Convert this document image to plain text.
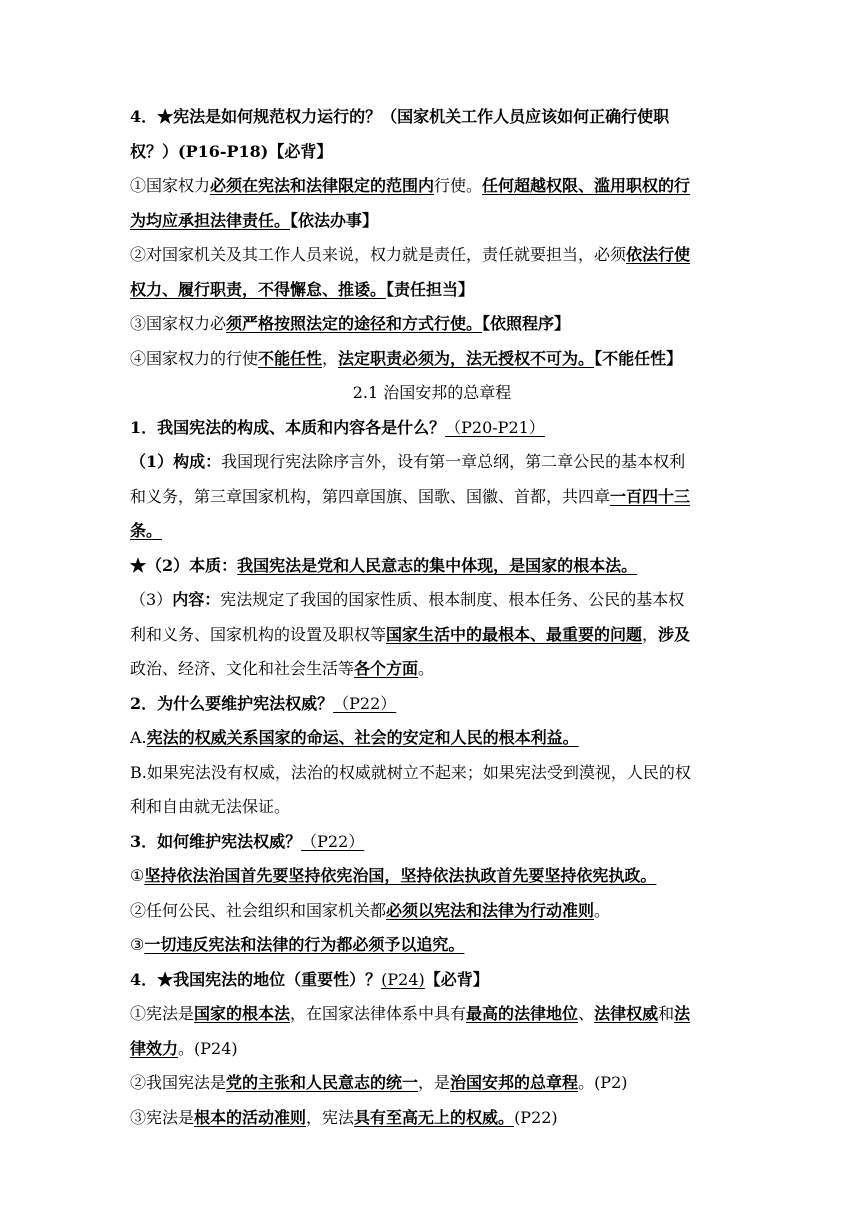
4．★宪法是如何规范权力运行的？（国家机关工作人员应该如何正确行使职
权？）(P16-P18)【必背】
①国家权力必须在宪法和法律限定的范围内行使。任何超越权限、滥用职权的行
为均应承担法律责任。【依法办事】
②对国家机关及其工作人员来说，权力就是责任，责任就要担当，必须依法行使
权力、履行职责，不得懈怠、推诿。【责任担当】
③国家权力必须严格按照法定的途径和方式行使。【依照程序】
④国家权力的行使不能任性，法定职责必须为，法无授权不可为。【不能任性】
2.1 治国安邦的总章程
1．我国宪法的构成、本质和内容各是什么？（P20-P21）
（1）构成：我国现行宪法除序言外，设有第一章总纲，第二章公民的基本权利
和义务，第三章国家机构，第四章国旗、国歌、国徽、首都，共四章一百四十三
条。
★（2）本质：我国宪法是党和人民意志的集中体现，是国家的根本法。
（3）内容：宪法规定了我国的国家性质、根本制度、根本任务、公民的基本权
利和义务、国家机构的设置及职权等国家生活中的最根本、最重要的问题，涉及
政治、经济、文化和社会生活等各个方面。
2．为什么要维护宪法权威？（P22）
A.宪法的权威关系国家的命运、社会的安定和人民的根本利益。
B.如果宪法没有权威，法治的权威就树立不起来；如果宪法受到漠视，人民的权
利和自由就无法保证。
3．如何维护宪法权威？（P22）
①坚持依法治国首先要坚持依宪治国，坚持依法执政首先要坚持依宪执政。
②任何公民、社会组织和国家机关都必须以宪法和法律为行动准则。
③一切违反宪法和法律的行为都必须予以追究。
4．★我国宪法的地位（重要性）？(P24)【必背】
①宪法是国家的根本法，在国家法律体系中具有最高的法律地位、法律权威和法
律效力。(P24)
②我国宪法是党的主张和人民意志的统一，是治国安邦的总章程。(P2)
③宪法是根本的活动准则，宪法具有至高无上的权威。(P22)
